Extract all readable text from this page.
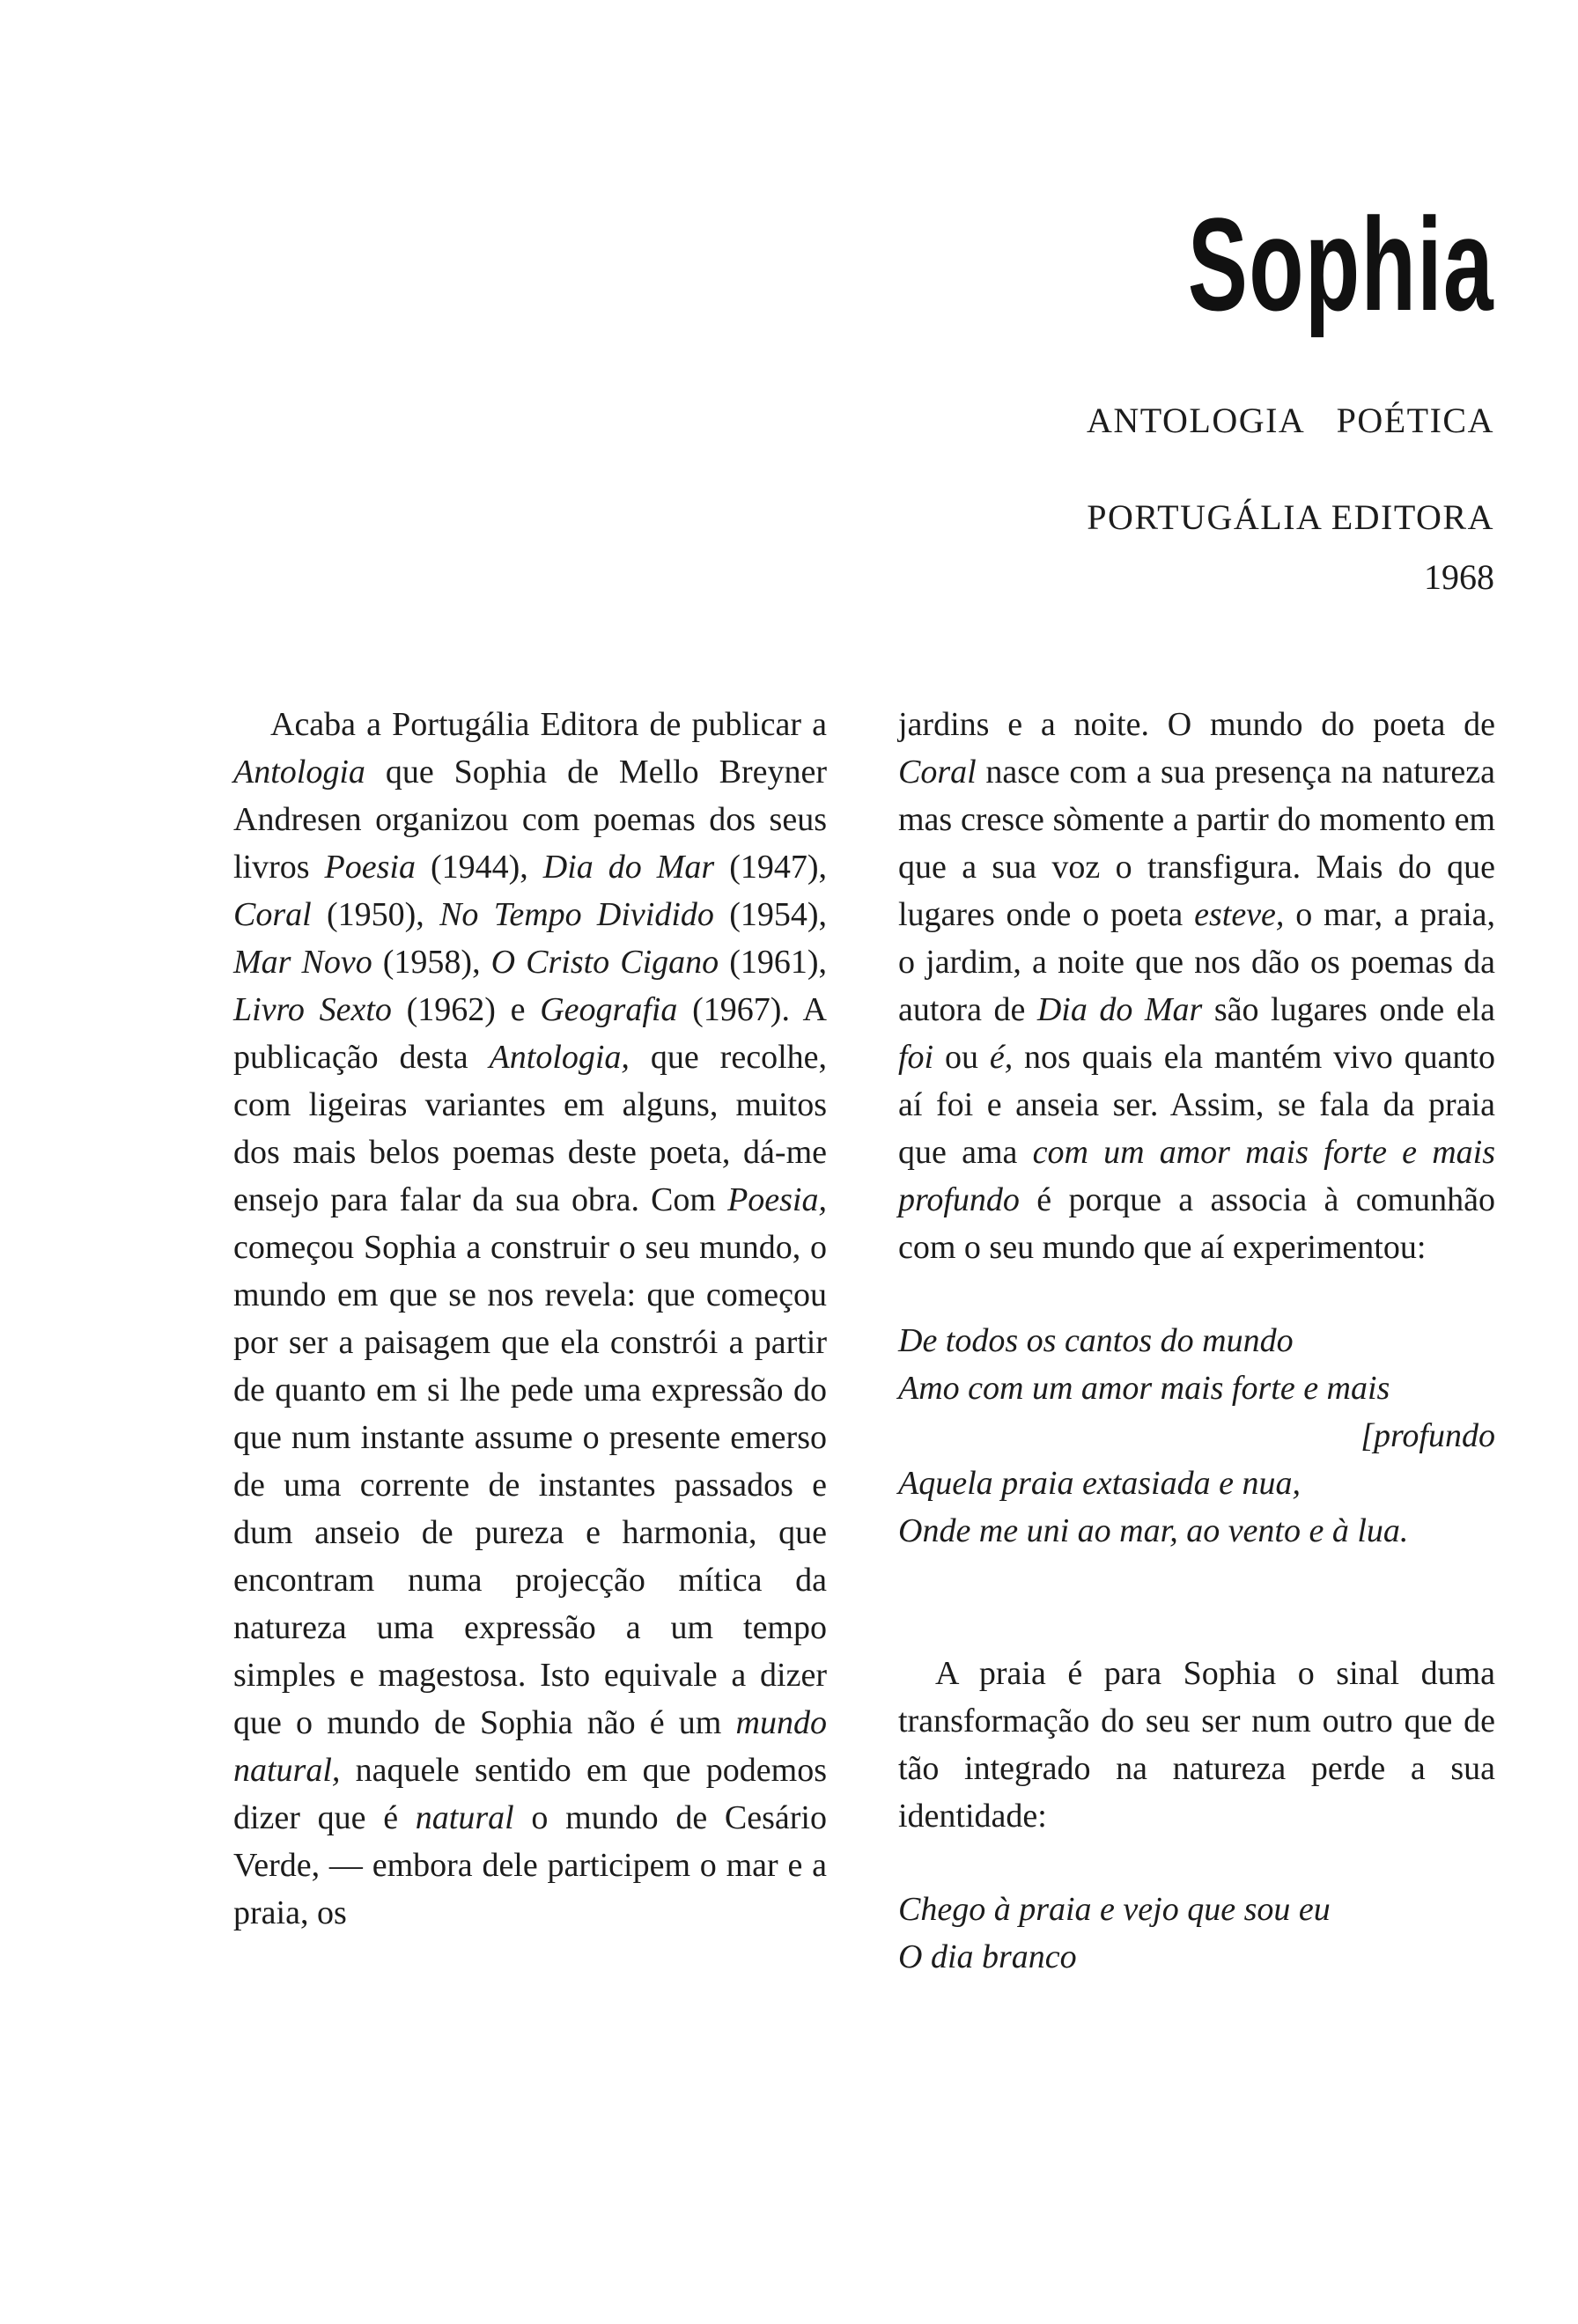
Sophia
ANTOLOGIA POÉTICA
PORTUGÁLIA EDITORA
1968

Acaba a Portugália Editora de publicar a Antologia que Sophia de Mello Breyner Andresen organizou com poemas dos seus livros Poesia (1944), Dia do Mar (1947), Coral (1950), No Tempo Dividido (1954), Mar Novo (1958), O Cristo Cigano (1961), Livro Sexto (1962) e Geografia (1967). A publicação desta Antologia, que recolhe, com ligeiras variantes em alguns, muitos dos mais belos poemas deste poeta, dá-me ensejo para falar da sua obra. Com Poesia, começou Sophia a construir o seu mundo, o mundo em que se nos revela: que começou por ser a paisagem que ela constrói a partir de quanto em si lhe pede uma expressão do que num instante assume o presente emerso de uma corrente de instantes passados e dum anseio de pureza e harmonia, que encontram numa projecção mítica da natureza uma expressão a um tempo simples e magestosa. Isto equivale a dizer que o mundo de Sophia não é um mundo natural, naquele sentido em que podemos dizer que é natural o mundo de Cesário Verde, — embora dele participem o mar e a praia, os

jardins e a noite. O mundo do poeta de Coral nasce com a sua presença na natureza mas cresce sòmente a partir do momento em que a sua voz o transfigura. Mais do que lugares onde o poeta esteve, o mar, a praia, o jardim, a noite que nos dão os poemas da autora de Dia do Mar são lugares onde ela foi ou é, nos quais ela mantém vivo quanto aí foi e anseia ser. Assim, se fala da praia que ama com um amor mais forte e mais profundo é porque a associa à comunhão com o seu mundo que aí experimentou:

De todos os cantos do mundo
Amo com um amor mais forte e mais
[profundo
Aquela praia extasiada e nua,
Onde me uni ao mar, ao vento e à lua.

A praia é para Sophia o sinal duma transformação do seu ser num outro que de tão integrado na natureza perde a sua identidade:

Chego à praia e vejo que sou eu
O dia branco
